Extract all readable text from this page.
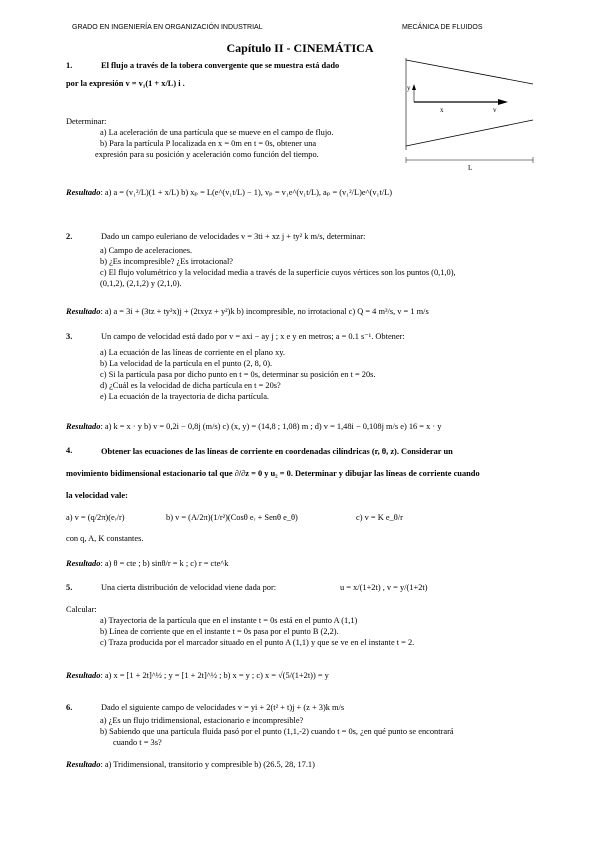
GRADO EN INGENIERÍA EN ORGANIZACIÓN INDUSTRIAL	MECÁNICA DE FLUIDOS
Capítulo II - CINEMÁTICA
1.	El flujo a través de la tobera convergente que se muestra está dado
por la expresión v = v₁(1 + x/L) i .	y
x	v
L
Determinar:
a) La aceleración de una partícula que se mueve en el campo de flujo.
b) Para la partícula P localizada en x = 0m en t = 0s, obtener una
expresión para su posición y aceleración como función del tiempo.
Resultado: a) a = (v₁²/L)(1 + x/L) b) xₚ = L(e^(v₁t/L) − 1), vₚ = v₁e^(v₁t/L), aₚ = (v₁²/L)e^(v₁t/L)
2.	Dado un campo euleriano de velocidades v = 3ti + xz j + ty² k m/s, determinar:
a) Campo de aceleraciones.
b) ¿Es incompresible? ¿Es irrotacional?
c) El flujo volumétrico y la velocidad media a través de la superficie cuyos vértices son los puntos (0,1,0),
(0,1,2), (2,1,2) y (2,1,0).
Resultado: a) a = 3i + (3tz + ty²x)j + (2txyz + y²)k b) incompresible, no irrotacional c) Q = 4 m³/s, v = 1 m/s
3.	Un campo de velocidad está dado por v = axi − ay j ; x e y en metros; a = 0.1 s⁻¹. Obtener:
a) La ecuación de las líneas de corriente en el plano xy.
b) La velocidad de la partícula en el punto (2, 8, 0).
c) Si la partícula pasa por dicho punto en t = 0s, determinar su posición en t = 20s.
d) ¿Cuál es la velocidad de dicha partícula en t = 20s?
e) La ecuación de la trayectoria de dicha partícula.
Resultado: a) k = x · y b) v = 0,2i − 0,8j (m/s) c) (x, y) = (14,8 ; 1,08) m ; d) v = 1,48i − 0,108j m/s e) 16 = x · y
4.	Obtener las ecuaciones de las líneas de corriente en coordenadas cilíndricas (r, θ, z). Considerar un
movimiento bidimensional estacionario tal que ∂/∂z = 0 y u₂ = 0. Determinar y dibujar las líneas de corriente cuando
la velocidad vale:
a) v = (q/2π)(eᵣ/r)	b) v = (A/2π)(1/r²)(Cosθ eᵣ + Senθ e_θ)	c) v = K e_θ/r
con q, A, K constantes.
Resultado: a) θ = cte ; b) sinθ/r = k ; c) r = cte^k
5.	Una cierta distribución de velocidad viene dada por:	u = x/(1+2t) , v = y/(1+2t)
Calcular:
a) Trayectoria de la partícula que en el instante t = 0s está en el punto A (1,1)
b) Línea de corriente que en el instante t = 0s pasa por el punto B (2,2).
c) Traza producida por el marcador situado en el punto A (1,1) y que se ve en el instante t = 2.
Resultado: a) x = [1 + 2t]^½ ; y = [1 + 2t]^½ ; b) x = y ; c) x = √(5/(1+2t)) = y
6.	Dado el siguiente campo de velocidades v = yi + 2(t² + t)j + (z + 3)k m/s
a) ¿Es un flujo tridimensional, estacionario e incompresible?
b) Sabiendo que una partícula fluida pasó por el punto (1,1,-2) cuando t = 0s, ¿en qué punto se encontrará
cuando t = 3s?
Resultado: a) Tridimensional, transitorio y compresible b) (26.5, 28, 17.1)
